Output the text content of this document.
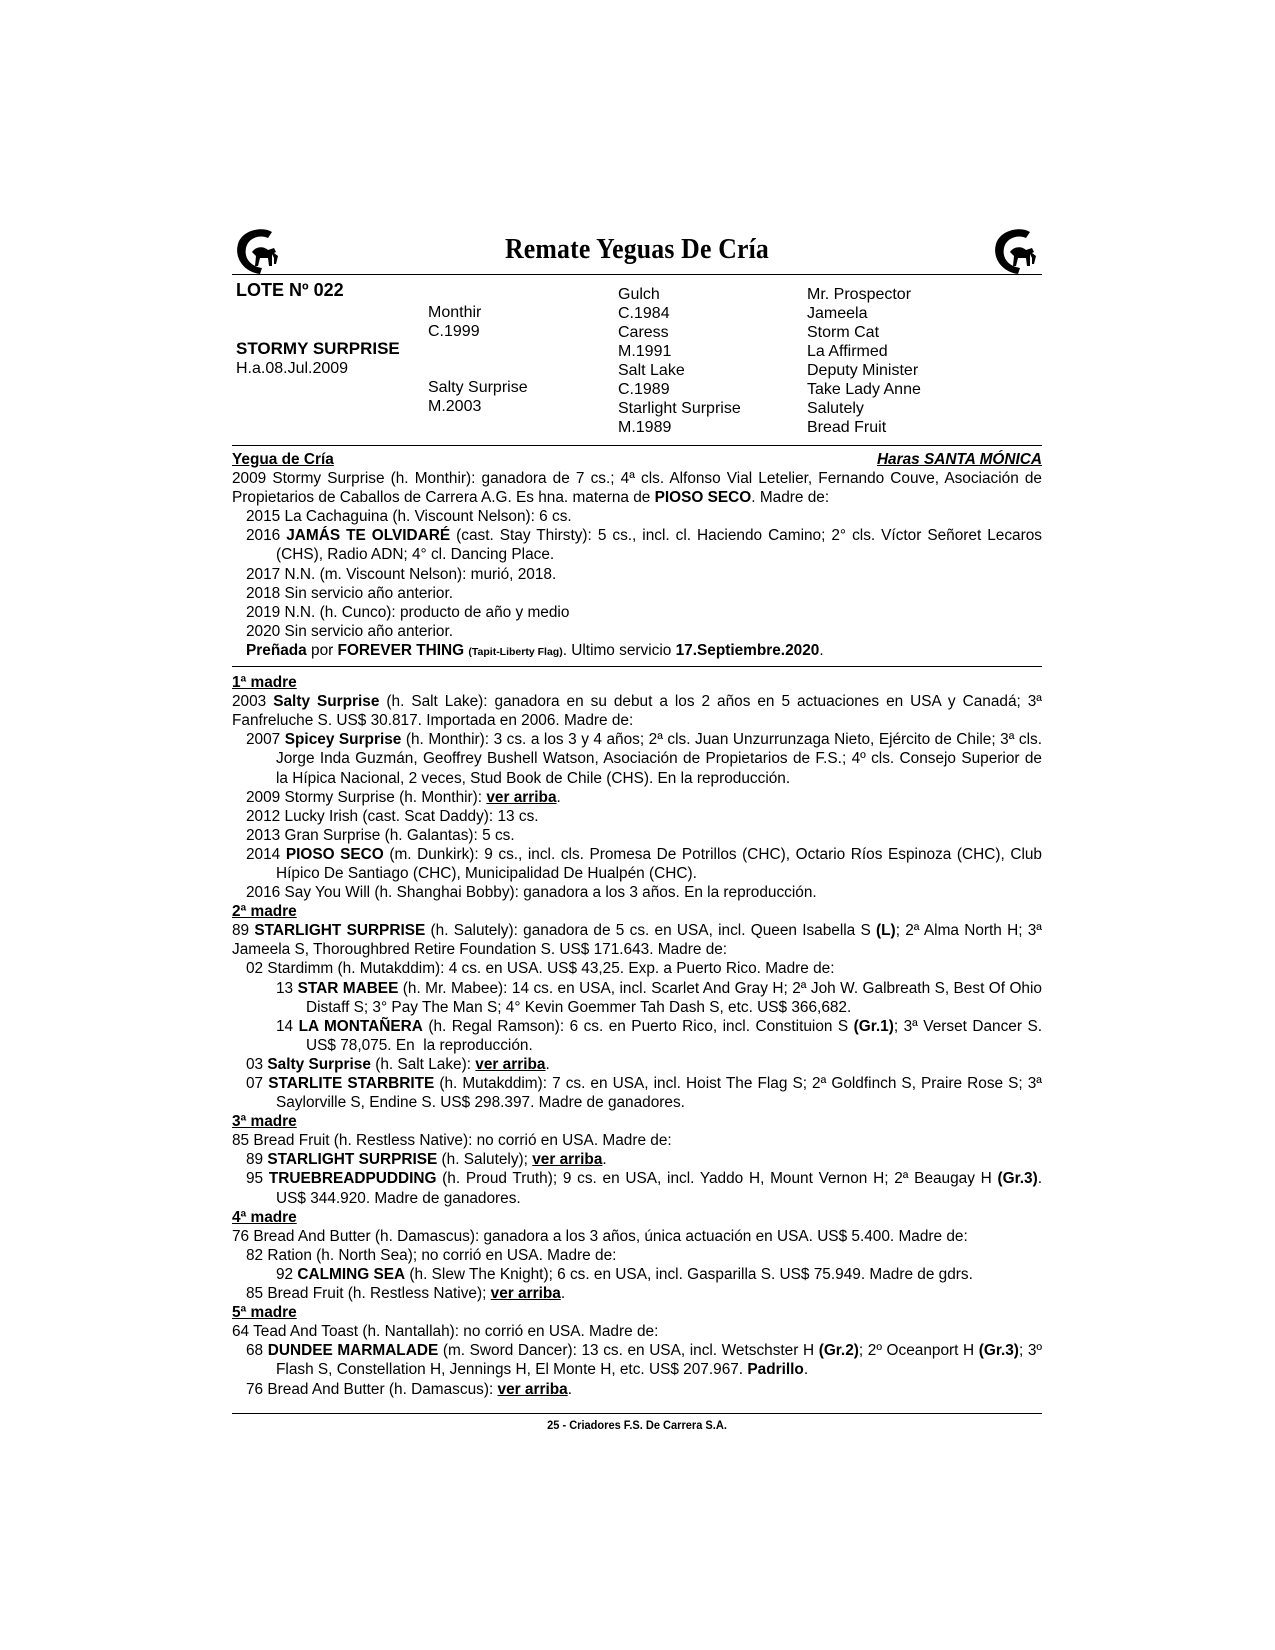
Remate Yeguas De Cría
LOTE Nº 022
STORMY SURPRISE
H.a.08.Jul.2009
Monthir
C.1999
Salty Surprise
M.2003
Gulch
C.1984
Caress
M.1991
Salt Lake
C.1989
Starlight Surprise
M.1989
Mr. Prospector
Jameela
Storm Cat
La Affirmed
Deputy Minister
Take Lady Anne
Salutely
Bread Fruit
Yegua de Cría	Haras SANTA MÓNICA

2009 Stormy Surprise (h. Monthir): ganadora de 7 cs.; 4ª cls. Alfonso Vial Letelier, Fernando Couve, Asociación de Propietarios de Caballos de Carrera A.G. Es hna. materna de PIOSO SECO. Madre de:

2015 La Cachaguina (h. Viscount Nelson): 6 cs.

2016 JAMÁS TE OLVIDARÉ (cast. Stay Thirsty): 5 cs., incl. cl. Haciendo Camino; 2° cls. Víctor Señoret Lecaros (CHS), Radio ADN; 4° cl. Dancing Place.

2017 N.N. (m. Viscount Nelson): murió, 2018.

2018 Sin servicio año anterior.

2019 N.N. (h. Cunco): producto de año y medio

2020 Sin servicio año anterior.

Preñada por FOREVER THING (Tapit-Liberty Flag). Ultimo servicio 17.Septiembre.2020.

1ª madre

2003 Salty Surprise (h. Salt Lake): ganadora en su debut a los 2 años en 5 actuaciones en USA y Canadá; 3ª Fanfreluche S. US$ 30.817. Importada en 2006. Madre de:

2007 Spicey Surprise (h. Monthir): 3 cs. a los 3 y 4 años; 2ª cls. Juan Unzurrunzaga Nieto, Ejército de Chile; 3ª cls. Jorge Inda Guzmán, Geoffrey Bushell Watson, Asociación de Propietarios de F.S.; 4º cls. Consejo Superior de la Hípica Nacional, 2 veces, Stud Book de Chile (CHS). En la reproducción.

2009 Stormy Surprise (h. Monthir): ver arriba.

2012 Lucky Irish (cast. Scat Daddy): 13 cs.

2013 Gran Surprise (h. Galantas): 5 cs.

2014 PIOSO SECO (m. Dunkirk): 9 cs., incl. cls. Promesa De Potrillos (CHC), Octario Ríos Espinoza (CHC), Club Hípico De Santiago (CHC), Municipalidad De Hualpén (CHC).

2016 Say You Will (h. Shanghai Bobby): ganadora a los 3 años. En la reproducción.

2ª madre

89 STARLIGHT SURPRISE (h. Salutely): ganadora de 5 cs. en USA, incl. Queen Isabella S (L); 2ª Alma North H; 3ª Jameela S, Thoroughbred Retire Foundation S. US$ 171.643. Madre de:

02 Stardimm (h. Mutakddim): 4 cs. en USA. US$ 43,25. Exp. a Puerto Rico. Madre de:

13 STAR MABEE (h. Mr. Mabee): 14 cs. en USA, incl. Scarlet And Gray H; 2ª Joh W. Galbreath S, Best Of Ohio Distaff S; 3° Pay The Man S; 4° Kevin Goemmer Tah Dash S, etc. US$ 366,682.

14 LA MONTAÑERA (h. Regal Ramson): 6 cs. en Puerto Rico, incl. Constituion S (Gr.1); 3ª Verset Dancer S. US$ 78,075. En  la reproducción.

03 Salty Surprise (h. Salt Lake): ver arriba.

07 STARLITE STARBRITE (h. Mutakddim): 7 cs. en USA, incl. Hoist The Flag S; 2ª Goldfinch S, Praire Rose S; 3ª Saylorville S, Endine S. US$ 298.397. Madre de ganadores.

3ª madre

85 Bread Fruit (h. Restless Native): no corrió en USA. Madre de:

89 STARLIGHT SURPRISE (h. Salutely); ver arriba.

95 TRUEBREADPUDDING (h. Proud Truth); 9 cs. en USA, incl. Yaddo H, Mount Vernon H; 2ª Beaugay H (Gr.3). US$ 344.920. Madre de ganadores.

4ª madre

76 Bread And Butter (h. Damascus): ganadora a los 3 años, única actuación en USA. US$ 5.400. Madre de:

82 Ration (h. North Sea); no corrió en USA. Madre de:

92 CALMING SEA (h. Slew The Knight); 6 cs. en USA, incl. Gasparilla S. US$ 75.949. Madre de gdrs.

85 Bread Fruit (h. Restless Native); ver arriba.

5ª madre

64 Tead And Toast (h. Nantallah): no corrió en USA. Madre de:

68 DUNDEE MARMALADE (m. Sword Dancer): 13 cs. en USA, incl. Wetschster H (Gr.2); 2º Oceanport H (Gr.3); 3º Flash S, Constellation H, Jennings H, El Monte H, etc. US$ 207.967. Padrillo.

76 Bread And Butter (h. Damascus): ver arriba.

25 - Criadores F.S. De Carrera S.A.
